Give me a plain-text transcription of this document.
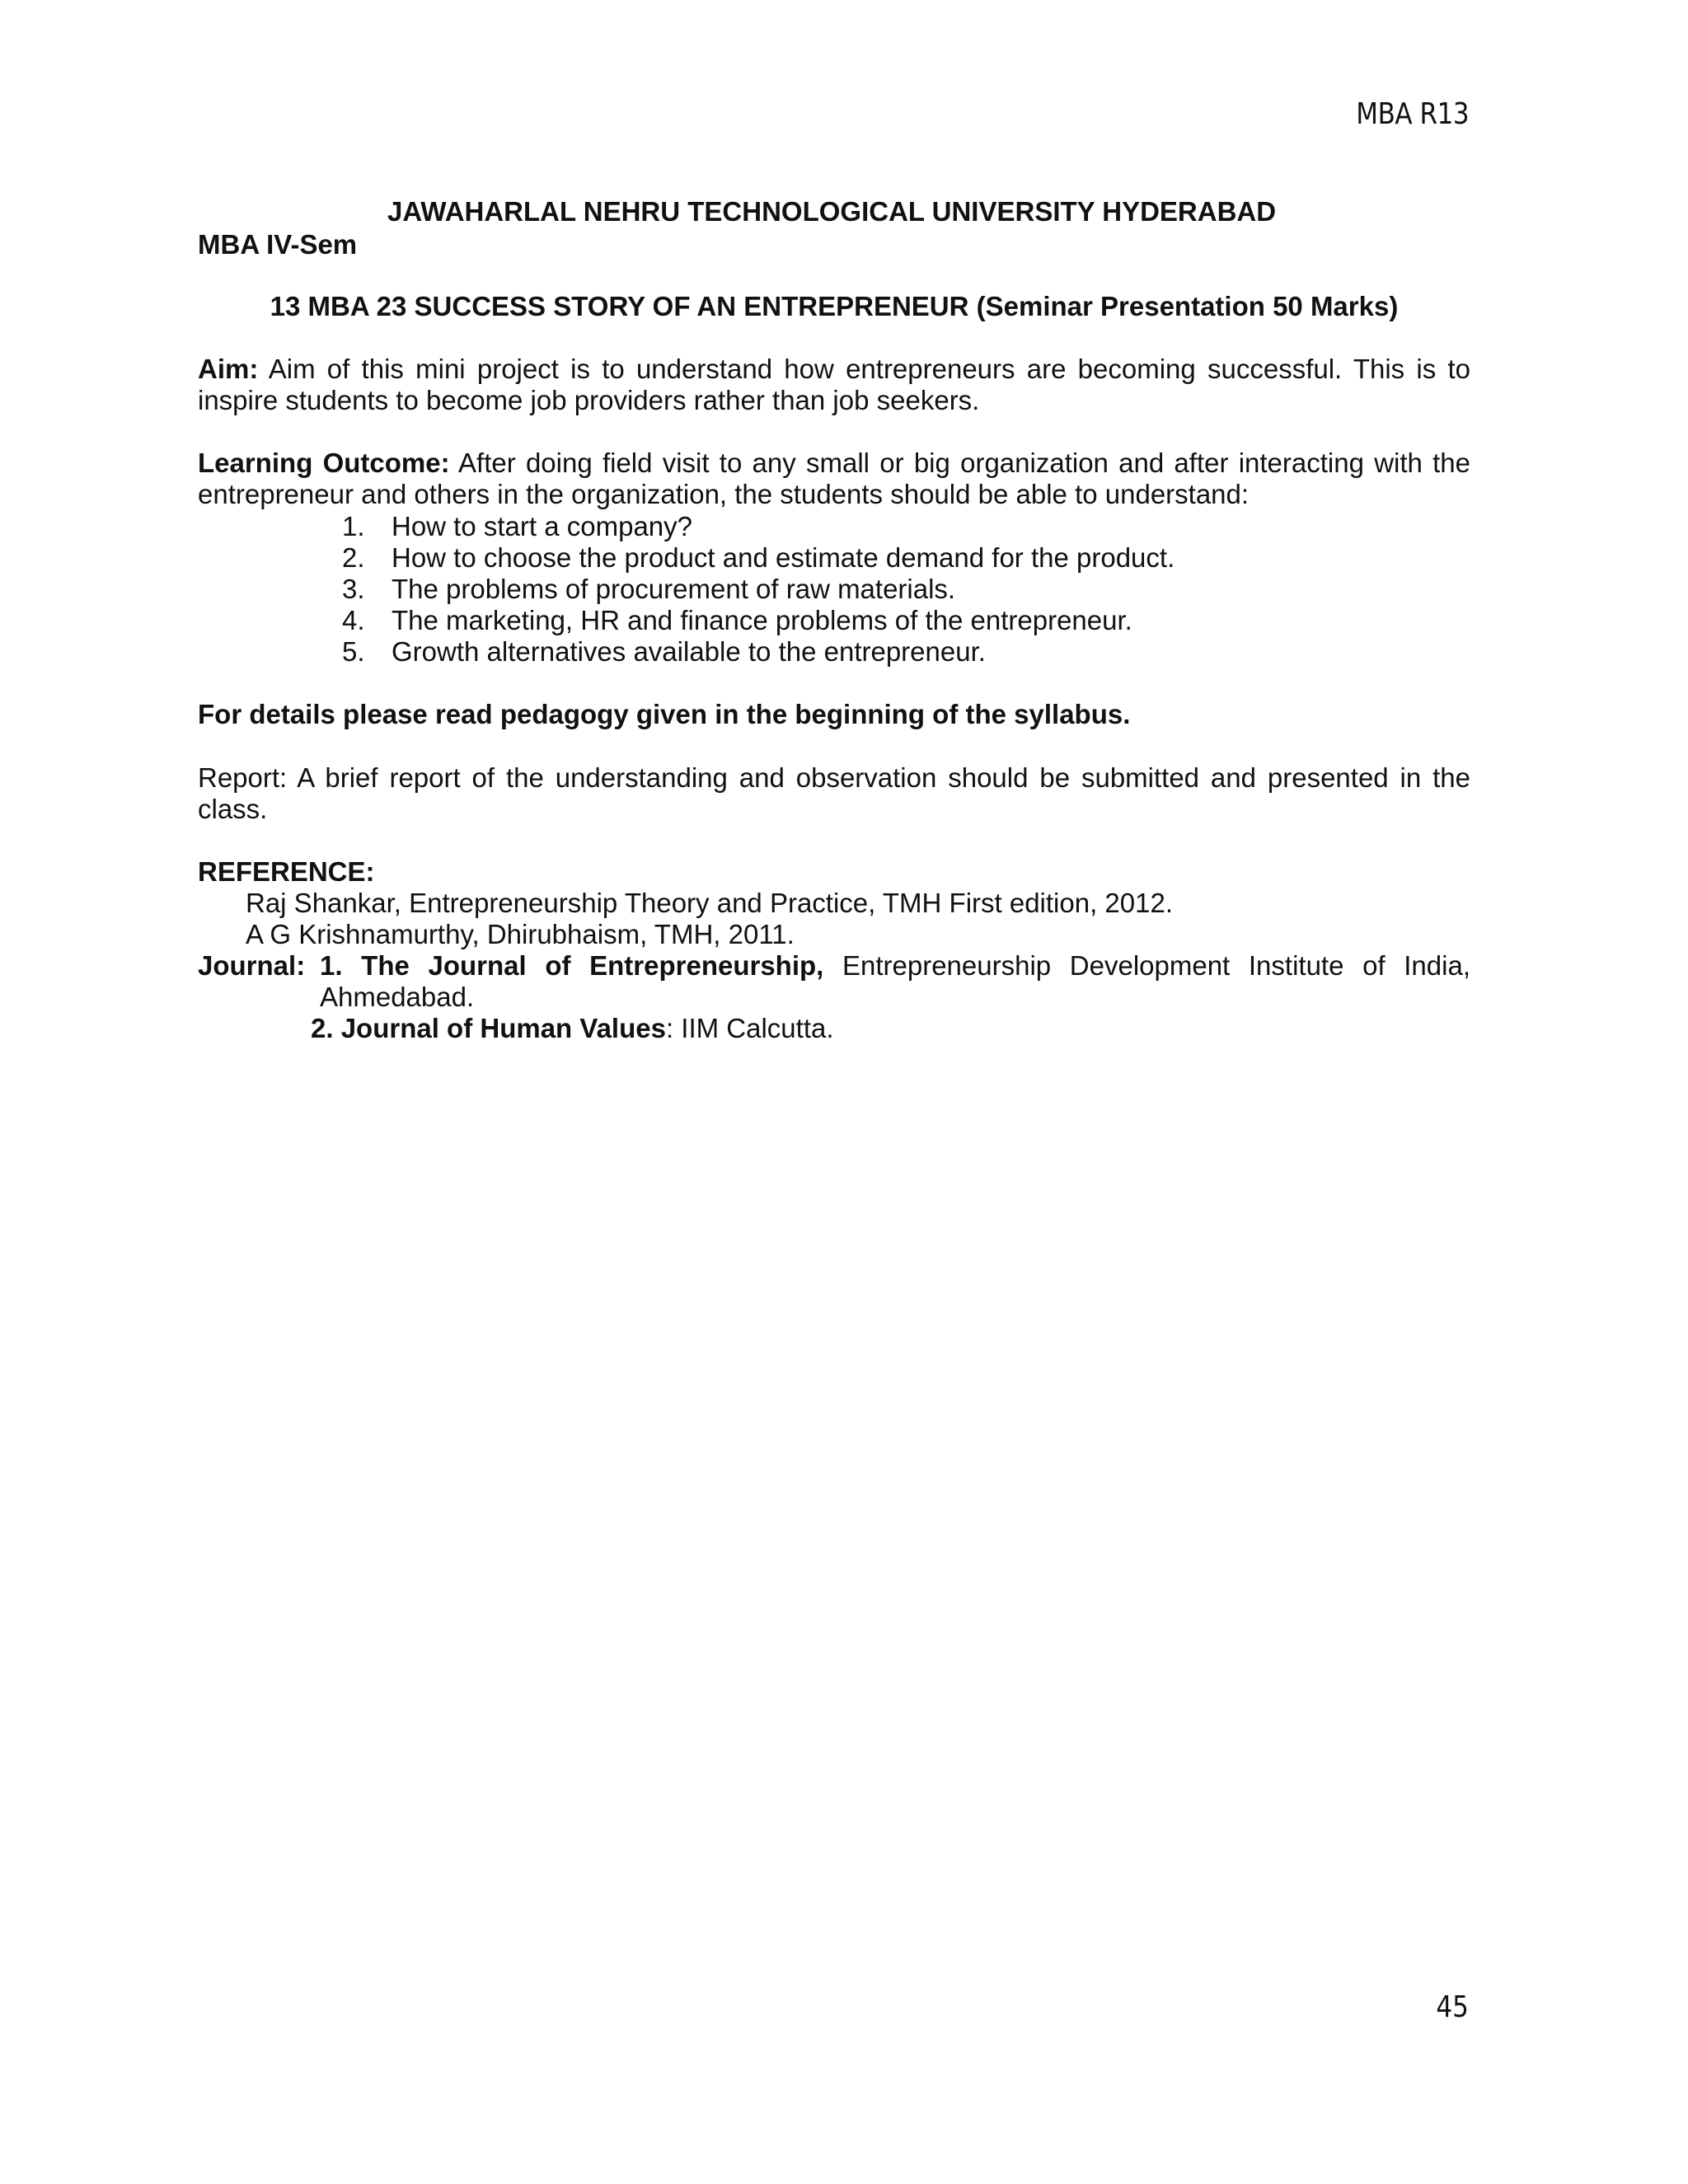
MBA R13
JAWAHARLAL NEHRU TECHNOLOGICAL UNIVERSITY HYDERABAD
MBA IV-Sem
13 MBA 23 SUCCESS STORY OF AN ENTREPRENEUR (Seminar Presentation 50 Marks)
Aim: Aim of this mini project is to understand how entrepreneurs are becoming successful. This is to inspire students to become job providers rather than job seekers.
Learning Outcome: After doing field visit to any small or big organization and after interacting with the entrepreneur and others in the organization, the students should be able to understand:
1. How to start a company?
2. How to choose the product and estimate demand for the product.
3. The problems of procurement of raw materials.
4. The marketing, HR and finance problems of the entrepreneur.
5. Growth alternatives available to the entrepreneur.
For details please read pedagogy given in the beginning of the syllabus.
Report: A brief report of the understanding and observation should be submitted and presented in the class.
REFERENCE:
Raj Shankar, Entrepreneurship Theory and Practice, TMH First edition, 2012.
A G Krishnamurthy, Dhirubhaism, TMH, 2011.
Journal: 1. The Journal of Entrepreneurship, Entrepreneurship Development Institute of India, Ahmedabad.
2. Journal of Human Values: IIM Calcutta.
45
